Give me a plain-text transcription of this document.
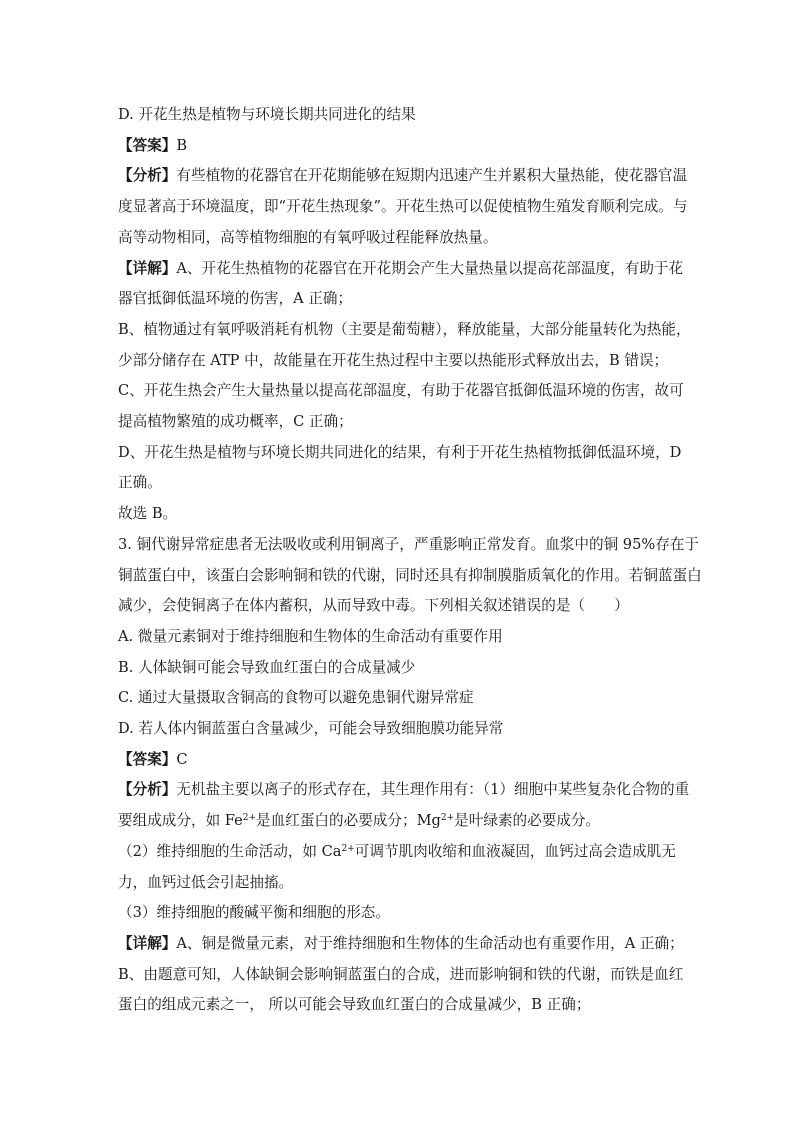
D. 开花生热是植物与环境长期共同进化的结果
【答案】B
【分析】有些植物的花器官在开花期能够在短期内迅速产生并累积大量热能，使花器官温
度显著高于环境温度，即“开花生热现象”。开花生热可以促使植物生殖发育顺利完成。与
高等动物相同，高等植物细胞的有氧呼吸过程能释放热量。
【详解】A、开花生热植物的花器官在开花期会产生大量热量以提高花部温度，有助于花
器官抵御低温环境的伤害，A 正确；
B、植物通过有氧呼吸消耗有机物（主要是葡萄糖），释放能量，大部分能量转化为热能，
少部分储存在 ATP 中，故能量在开花生热过程中主要以热能形式释放出去，B 错误；
C、开花生热会产生大量热量以提高花部温度，有助于花器官抵御低温环境的伤害，故可
提高植物繁殖的成功概率，C 正确；
D、开花生热是植物与环境长期共同进化的结果，有利于开花生热植物抵御低温环境，D
正确。
故选 B。
3. 铜代谢异常症患者无法吸收或利用铜离子，严重影响正常发育。血浆中的铜 95%存在于
铜蓝蛋白中，该蛋白会影响铜和铁的代谢，同时还具有抑制膜脂质氧化的作用。若铜蓝蛋白
减少，会使铜离子在体内蓄积，从而导致中毒。下列相关叙述错误的是（　　）
A. 微量元素铜对于维持细胞和生物体的生命活动有重要作用
B. 人体缺铜可能会导致血红蛋白的合成量减少
C. 通过大量摄取含铜高的食物可以避免患铜代谢异常症
D. 若人体内铜蓝蛋白含量减少，可能会导致细胞膜功能异常
【答案】C
【分析】无机盐主要以离子的形式存在，其生理作用有：（1）细胞中某些复杂化合物的重
要组成成分，如 $Fe^{2+}$是血红蛋白的必要成分；$Mg^{2+}$是叶绿素的必要成分。
（2）维持细胞的生命活动，如 $Ca^{2+}$可调节肌肉收缩和血液凝固，血钙过高会造成肌无
力，血钙过低会引起抽搐。
（3）维持细胞的酸碱平衡和细胞的形态。
【详解】A、铜是微量元素，对于维持细胞和生物体的生命活动也有重要作用，A 正确；
B、由题意可知，人体缺铜会影响铜蓝蛋白的合成，进而影响铜和铁的代谢，而铁是血红
蛋白的组成元素之一， 所以可能会导致血红蛋白的合成量减少，B 正确；
